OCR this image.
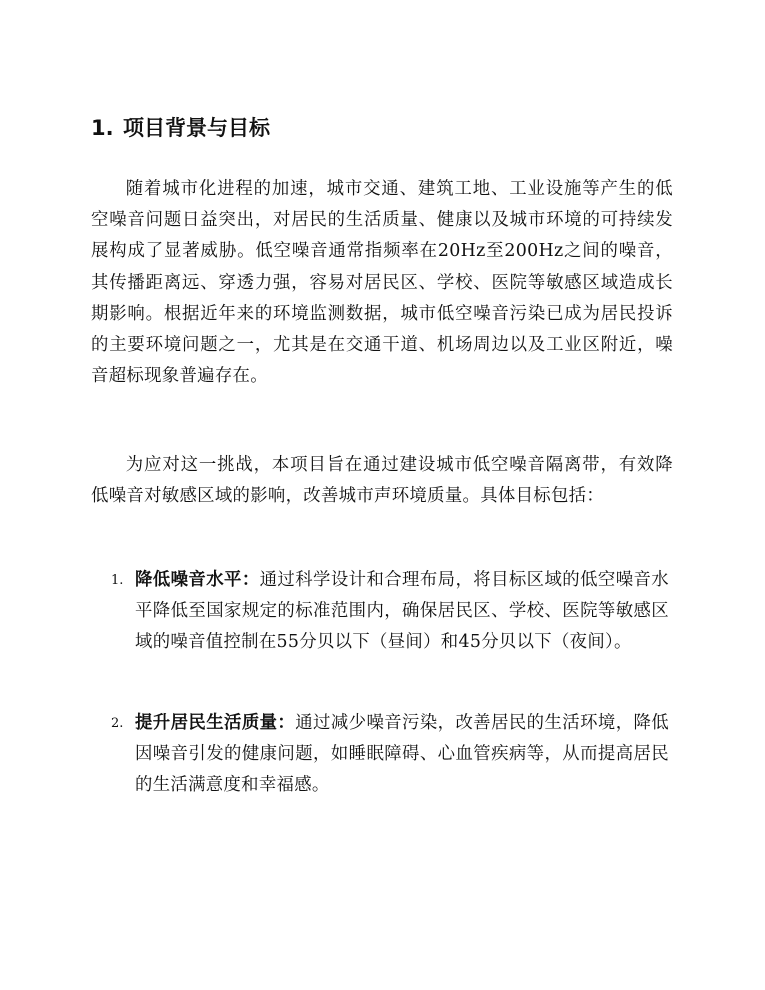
1. 项目背景与目标

随着城市化进程的加速，城市交通、建筑工地、工业设施等产生的低空噪音问题日益突出，对居民的生活质量、健康以及城市环境的可持续发展构成了显著威胁。低空噪音通常指频率在20Hz至200Hz之间的噪音，其传播距离远、穿透力强，容易对居民区、学校、医院等敏感区域造成长期影响。根据近年来的环境监测数据，城市低空噪音污染已成为居民投诉的主要环境问题之一，尤其是在交通干道、机场周边以及工业区附近，噪音超标现象普遍存在。

为应对这一挑战，本项目旨在通过建设城市低空噪音隔离带，有效降低噪音对敏感区域的影响，改善城市声环境质量。具体目标包括：

1. 降低噪音水平：通过科学设计和合理布局，将目标区域的低空噪音水平降低至国家规定的标准范围内，确保居民区、学校、医院等敏感区域的噪音值控制在55分贝以下（昼间）和45分贝以下（夜间）。
2. 提升居民生活质量：通过减少噪音污染，改善居民的生活环境，降低因噪音引发的健康问题，如睡眠障碍、心血管疾病等，从而提高居民的生活满意度和幸福感。
